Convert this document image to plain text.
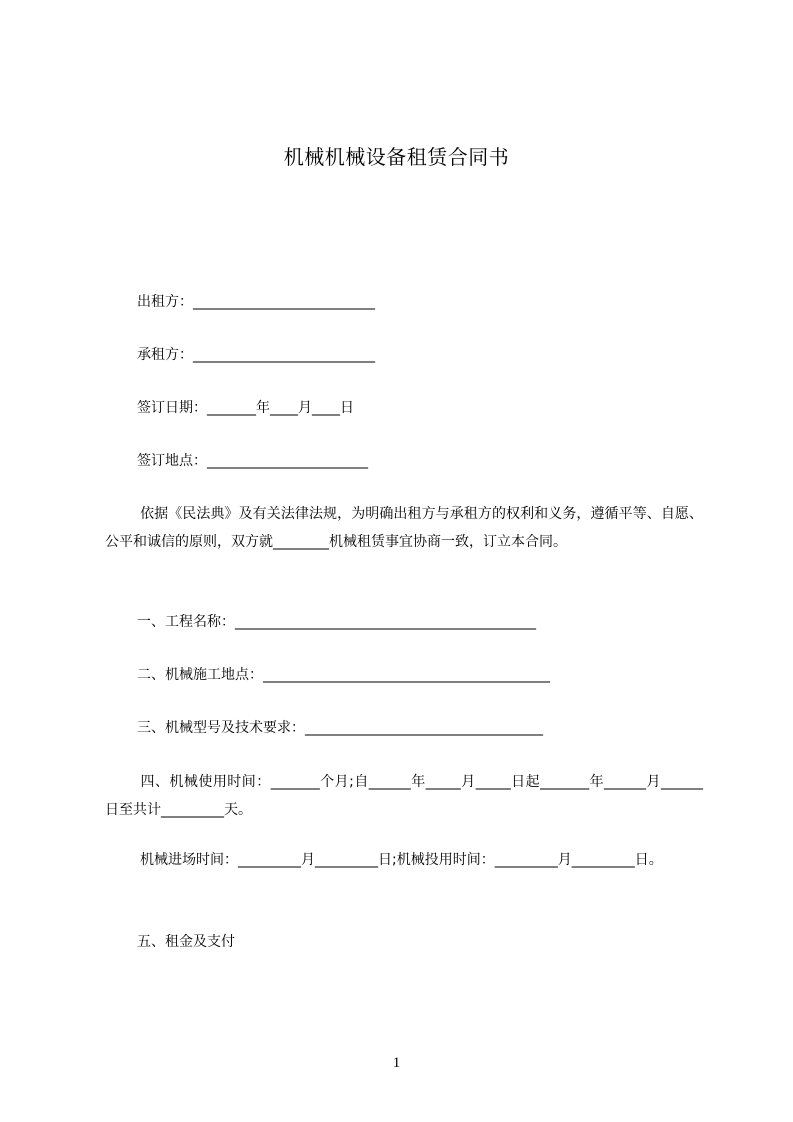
机械机械设备租赁合同书
出租方：__________________________
承租方：__________________________
签订日期：_______年____月____日
签订地点：_______________________
依据《民法典》及有关法律法规，为明确出租方与承租方的权利和义务，遵循平等、自愿、公平和诚信的原则，双方就________机械租赁事宜协商一致，订立本合同。
一、工程名称：___________________________________________
二、机械施工地点：_________________________________________
三、机械型号及技术要求：__________________________________
四、机械使用时间：_______个月;自______年_____月_____日起_______年______月______日至共计_________天。
机械进场时间：_________月_________日;机械投用时间：_________月_________日。
五、租金及支付
1
